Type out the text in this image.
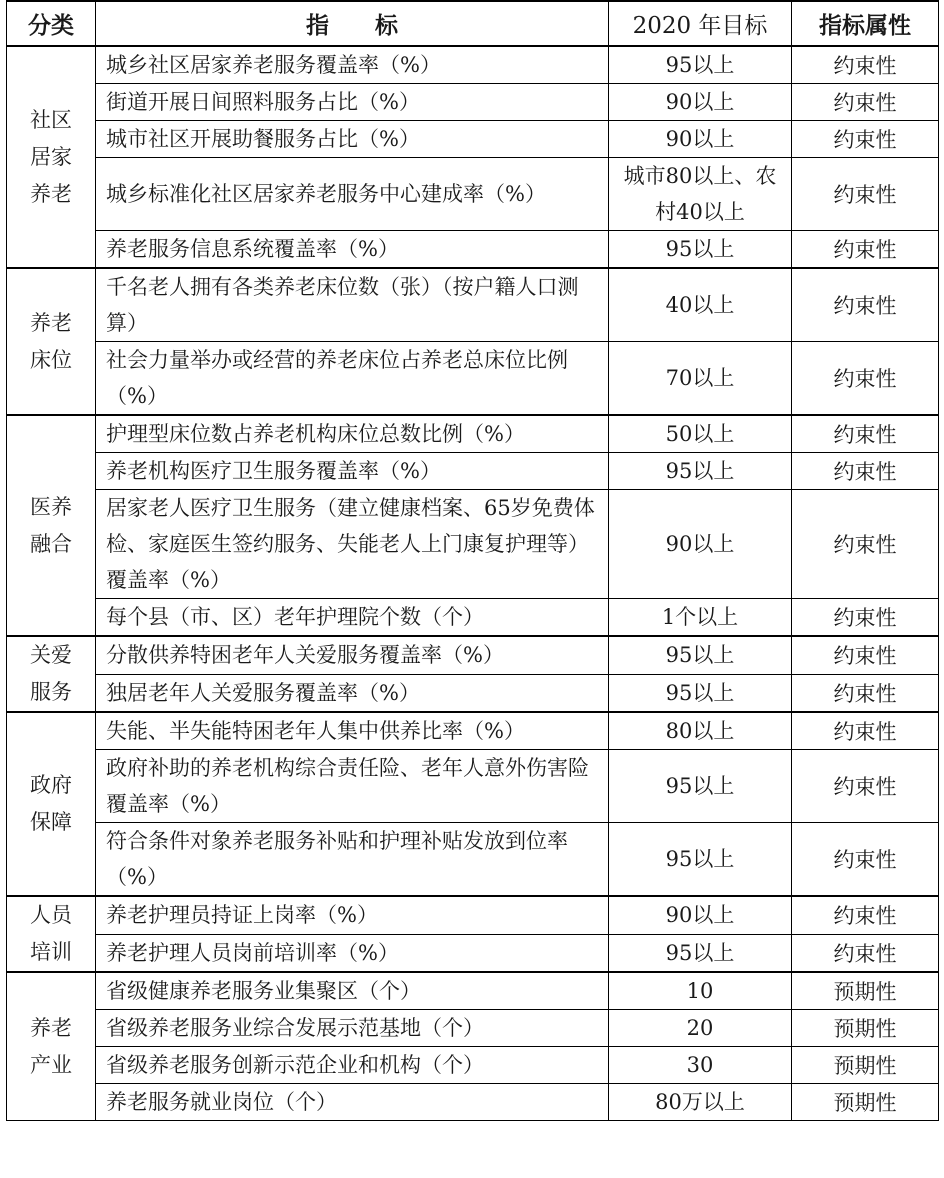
分类	指　　标	2020 年目标	指标属性

社区
居家
养老	城乡社区居家养老服务覆盖率（%）	95以上	约束性
	街道开展日间照料服务占比（%）	90以上	约束性
	城市社区开展助餐服务占比（%）	90以上	约束性
	城乡标准化社区居家养老服务中心建成率（%）	城市80以上、农村40以上	约束性
	养老服务信息系统覆盖率（%）	95以上	约束性

养老
床位	千名老人拥有各类养老床位数（张）（按户籍人口测算）	40以上	约束性
	社会力量举办或经营的养老床位占养老总床位比例（%）	70以上	约束性

医养
融合	护理型床位数占养老机构床位总数比例（%）	50以上	约束性
	养老机构医疗卫生服务覆盖率（%）	95以上	约束性
	居家老人医疗卫生服务（建立健康档案、65岁免费体检、家庭医生签约服务、失能老人上门康复护理等）覆盖率（%）	90以上	约束性
	每个县（市、区）老年护理院个数（个）	1个以上	约束性

关爱
服务	分散供养特困老年人关爱服务覆盖率（%）	95以上	约束性
	独居老年人关爱服务覆盖率（%）	95以上	约束性

政府
保障	失能、半失能特困老年人集中供养比率（%）	80以上	约束性
	政府补助的养老机构综合责任险、老年人意外伤害险覆盖率（%）	95以上	约束性
	符合条件对象养老服务补贴和护理补贴发放到位率（%）	95以上	约束性

人员
培训	养老护理员持证上岗率（%）	90以上	约束性
	养老护理人员岗前培训率（%）	95以上	约束性

养老
产业	省级健康养老服务业集聚区（个）	10	预期性
	省级养老服务业综合发展示范基地（个）	20	预期性
	省级养老服务创新示范企业和机构（个）	30	预期性
	养老服务就业岗位（个）	80万以上	预期性
